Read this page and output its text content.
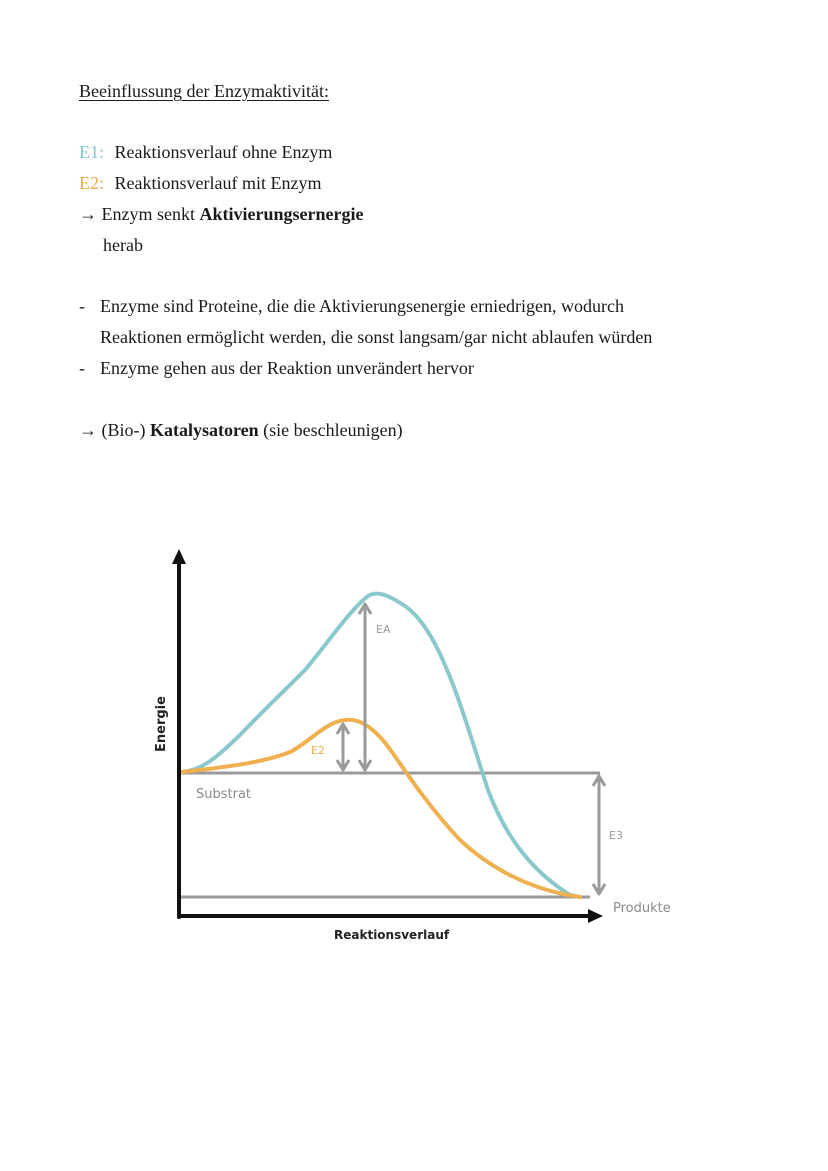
Beeinflussung der Enzymaktivität:
E1: Reaktionsverlauf ohne Enzym
E2: Reaktionsverlauf mit Enzym
→ Enzym senkt Aktivierungsernergie
herab
- Enzyme sind Proteine, die die Aktivierungsenergie erniedrigen, wodurch
Reaktionen ermöglicht werden, die sonst langsam/gar nicht ablaufen würden
- Enzyme gehen aus der Reaktion unverändert hervor
→ (Bio-) Katalysatoren (sie beschleunigen)
Energie
Reaktionsverlauf
Substrat
Produkte
EA
E2
E3
